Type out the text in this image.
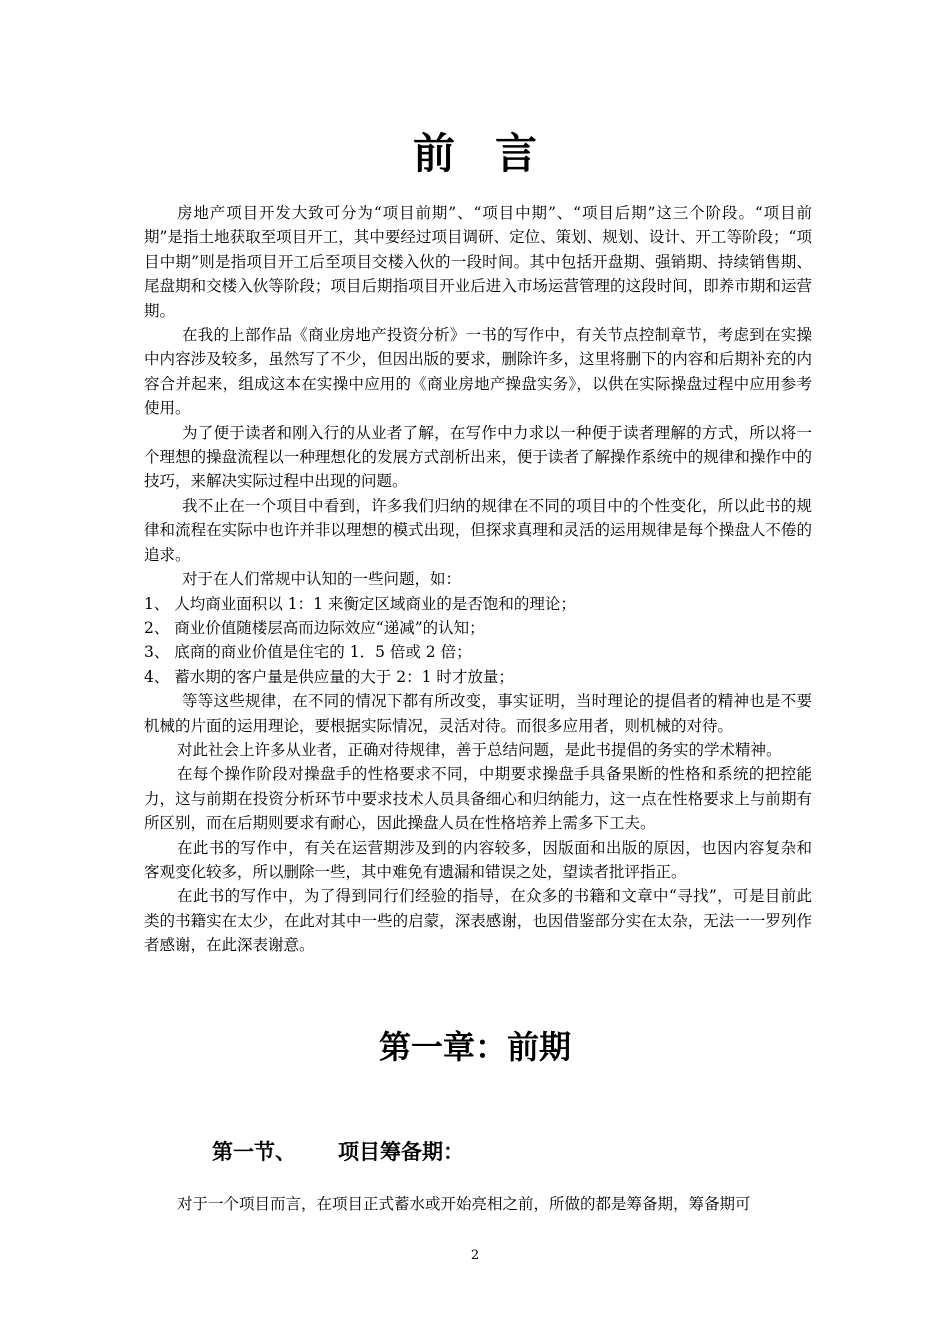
前言

房地产项目开发大致可分为“项目前期”、“项目中期”、“项目后期”这三个阶段。“项目前期”是指土地获取至项目开工，其中要经过项目调研、定位、策划、规划、设计、开工等阶段；“项目中期”则是指项目开工后至项目交楼入伙的一段时间。其中包括开盘期、强销期、持续销售期、尾盘期和交楼入伙等阶段；项目后期指项目开业后进入市场运营管理的这段时间，即养市期和运营期。

在我的上部作品《商业房地产投资分析》一书的写作中，有关节点控制章节，考虑到在实操中内容涉及较多，虽然写了不少，但因出版的要求，删除许多，这里将删下的内容和后期补充的内容合并起来，组成这本在实操中应用的《商业房地产操盘实务》，以供在实际操盘过程中应用参考使用。

为了便于读者和刚入行的从业者了解，在写作中力求以一种便于读者理解的方式，所以将一个理想的操盘流程以一种理想化的发展方式剖析出来，便于读者了解操作系统中的规律和操作中的技巧，来解决实际过程中出现的问题。

我不止在一个项目中看到，许多我们归纳的规律在不同的项目中的个性变化，所以此书的规律和流程在实际中也许并非以理想的模式出现，但探求真理和灵活的运用规律是每个操盘人不倦的追求。

对于在人们常规中认知的一些问题，如：

1、 人均商业面积以 1：1 来衡定区域商业的是否饱和的理论；

2、 商业价值随楼层高而边际效应“递减”的认知；

3、 底商的商业价值是住宅的 1．5 倍或 2 倍；

4、 蓄水期的客户量是供应量的大于 2：1 时才放量；

等等这些规律，在不同的情况下都有所改变，事实证明，当时理论的提倡者的精神也是不要机械的片面的运用理论，要根据实际情况，灵活对待。而很多应用者，则机械的对待。

对此社会上许多从业者，正确对待规律，善于总结问题，是此书提倡的务实的学术精神。

在每个操作阶段对操盘手的性格要求不同，中期要求操盘手具备果断的性格和系统的把控能力，这与前期在投资分析环节中要求技术人员具备细心和归纳能力，这一点在性格要求上与前期有所区别，而在后期则要求有耐心，因此操盘人员在性格培养上需多下工夫。

在此书的写作中，有关在运营期涉及到的内容较多，因版面和出版的原因，也因内容复杂和客观变化较多，所以删除一些，其中难免有遗漏和错误之处，望读者批评指正。

在此书的写作中，为了得到同行们经验的指导，在众多的书籍和文章中“寻找”，可是目前此类的书籍实在太少，在此对其中一些的启蒙，深表感谢，也因借鉴部分实在太杂，无法一一罗列作者感谢，在此深表谢意。

第一章：前期
第一节、 项目筹备期：
对于一个项目而言，在项目正式蓄水或开始亮相之前，所做的都是筹备期，筹备期可
2
